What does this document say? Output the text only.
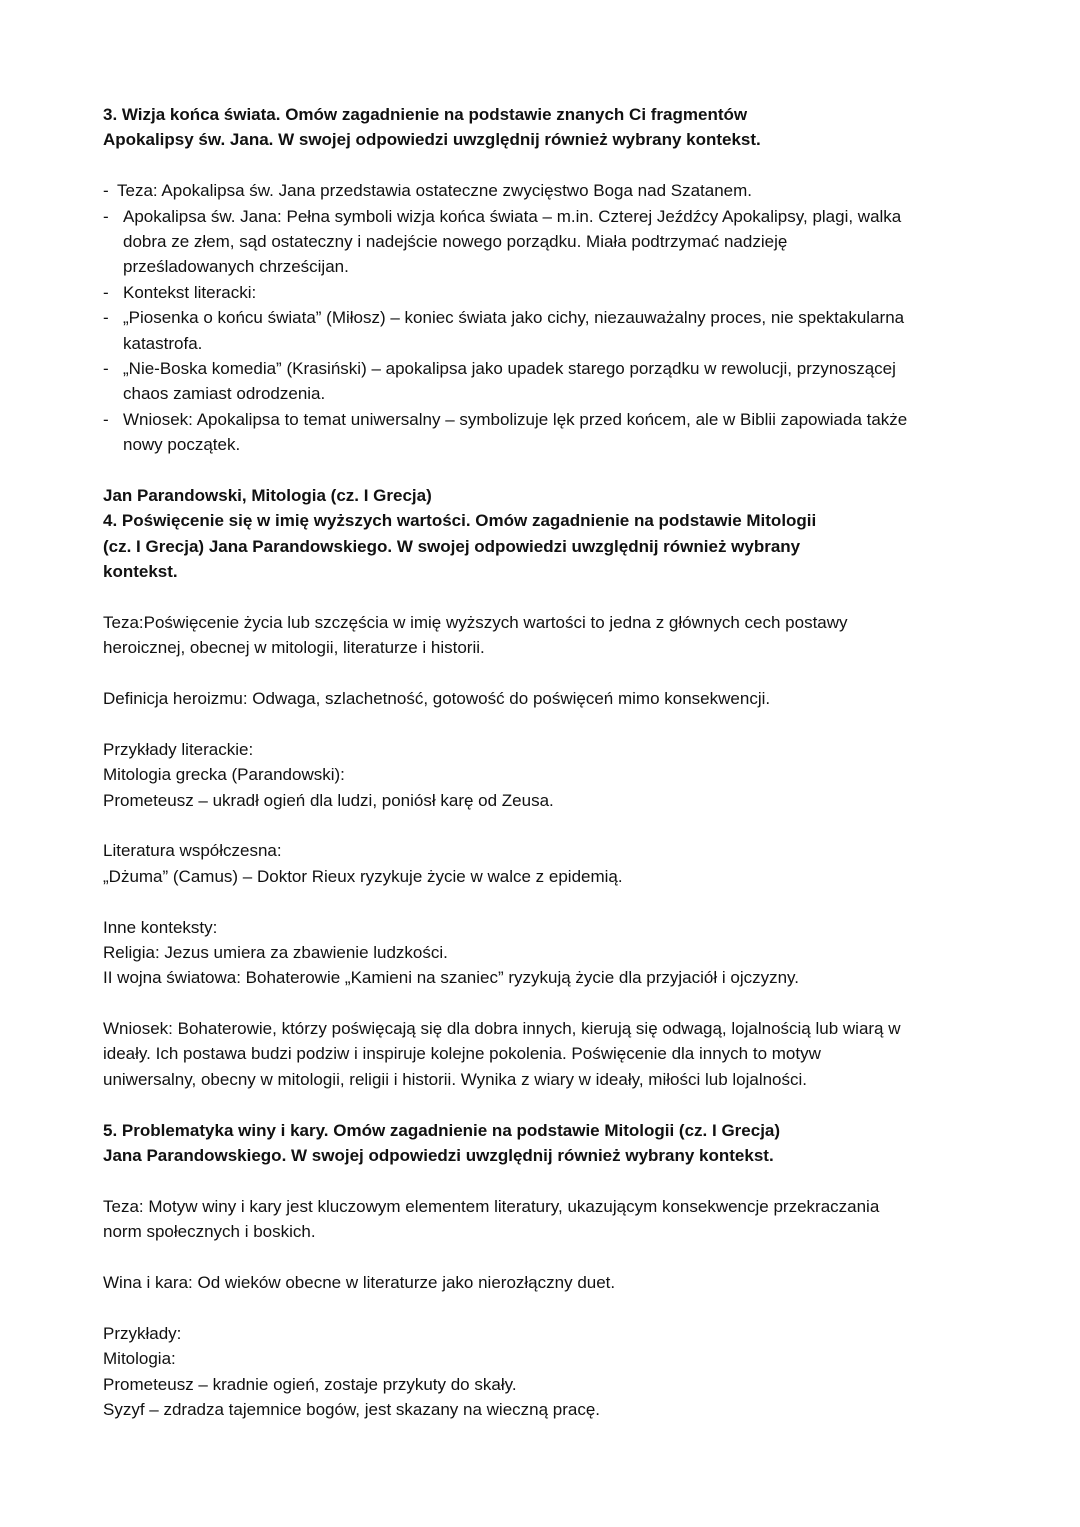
3. Wizja końca świata. Omów zagadnienie na podstawie znanych Ci fragmentów
Apokalipsy św. Jana. W swojej odpowiedzi uwzględnij również wybrany kontekst.
- Teza: Apokalipsa św. Jana przedstawia ostateczne zwycięstwo Boga nad Szatanem.
- Apokalipsa św. Jana: Pełna symboli wizja końca świata – m.in. Czterej Jeźdźcy Apokalipsy, plagi, walka
dobra ze złem, sąd ostateczny i nadejście nowego porządku. Miała podtrzymać nadzieję
prześladowanych chrześcijan.
- Kontekst literacki:
- „Piosenka o końcu świata” (Miłosz) – koniec świata jako cichy, niezauważalny proces, nie spektakularna
katastrofa.
- „Nie-Boska komedia” (Krasiński) – apokalipsa jako upadek starego porządku w rewolucji, przynoszącej
chaos zamiast odrodzenia.
- Wniosek: Apokalipsa to temat uniwersalny – symbolizuje lęk przed końcem, ale w Biblii zapowiada także
nowy początek.
Jan Parandowski, Mitologia (cz. I Grecja)
4. Poświęcenie się w imię wyższych wartości. Omów zagadnienie na podstawie Mitologii
(cz. I Grecja) Jana Parandowskiego. W swojej odpowiedzi uwzględnij również wybrany
kontekst.
Teza:Poświęcenie życia lub szczęścia w imię wyższych wartości to jedna z głównych cech postawy
heroicznej, obecnej w mitologii, literaturze i historii.
Definicja heroizmu: Odwaga, szlachetność, gotowość do poświęceń mimo konsekwencji.
Przykłady literackie:
Mitologia grecka (Parandowski):
Prometeusz – ukradł ogień dla ludzi, poniósł karę od Zeusa.
Literatura współczesna:
„Dżuma” (Camus) – Doktor Rieux ryzykuje życie w walce z epidemią.
Inne konteksty:
Religia: Jezus umiera za zbawienie ludzkości.
II wojna światowa: Bohaterowie „Kamieni na szaniec” ryzykują życie dla przyjaciół i ojczyzny.
Wniosek: Bohaterowie, którzy poświęcają się dla dobra innych, kierują się odwagą, lojalnością lub wiarą w
ideały. Ich postawa budzi podziw i inspiruje kolejne pokolenia. Poświęcenie dla innych to motyw
uniwersalny, obecny w mitologii, religii i historii. Wynika z wiary w ideały, miłości lub lojalności.
5. Problematyka winy i kary. Omów zagadnienie na podstawie Mitologii (cz. I Grecja)
Jana Parandowskiego. W swojej odpowiedzi uwzględnij również wybrany kontekst.
Teza: Motyw winy i kary jest kluczowym elementem literatury, ukazującym konsekwencje przekraczania
norm społecznych i boskich.
Wina i kara: Od wieków obecne w literaturze jako nierozłączny duet.
Przykłady:
Mitologia:
Prometeusz – kradnie ogień, zostaje przykuty do skały.
Syzyf – zdradza tajemnice bogów, jest skazany na wieczną pracę.
